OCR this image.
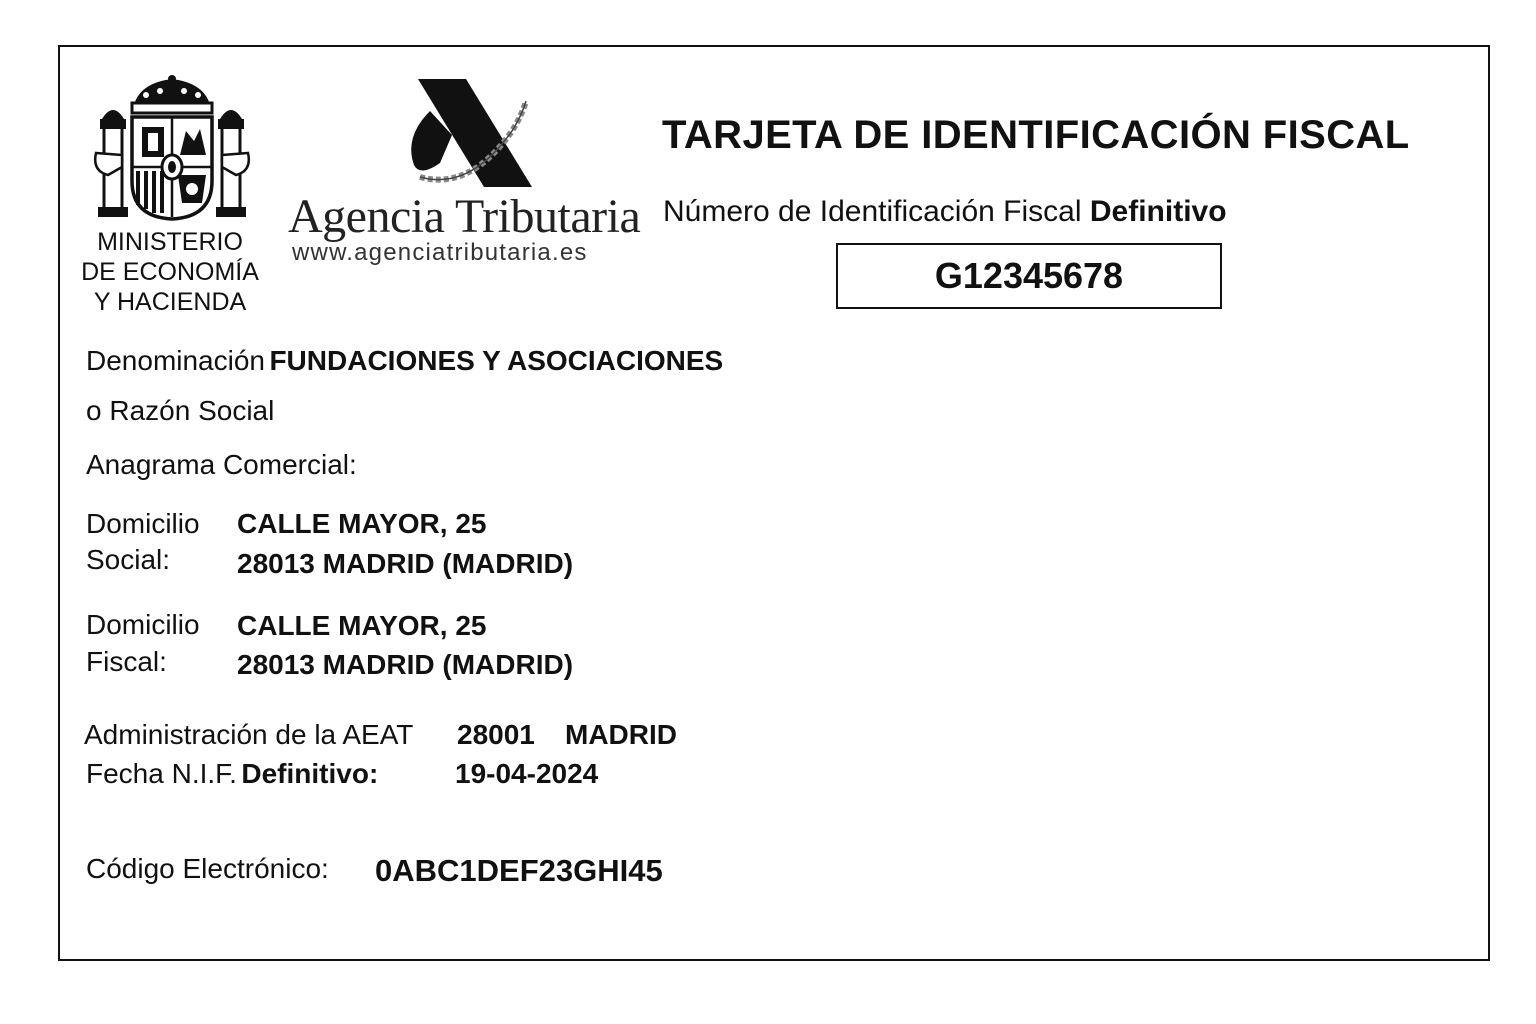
MINISTERIO
DE ECONOMÍA
Y HACIENDA
Agencia Tributaria
www.agenciatributaria.es
TARJETA DE IDENTIFICACIÓN FISCAL
Número de Identificación Fiscal Definitivo
G12345678
Denominación FUNDACIONES Y ASOCIACIONES
o Razón Social
Anagrama Comercial:
Domicilio
Social:
CALLE MAYOR, 25
28013 MADRID (MADRID)
Domicilio
Fiscal:
CALLE MAYOR, 25
28013 MADRID (MADRID)
Administración de la AEAT 28001 MADRID
Fecha N.I.F. Definitivo:	19-04-2024
Código Electrónico: 0ABC1DEF23GHI45
